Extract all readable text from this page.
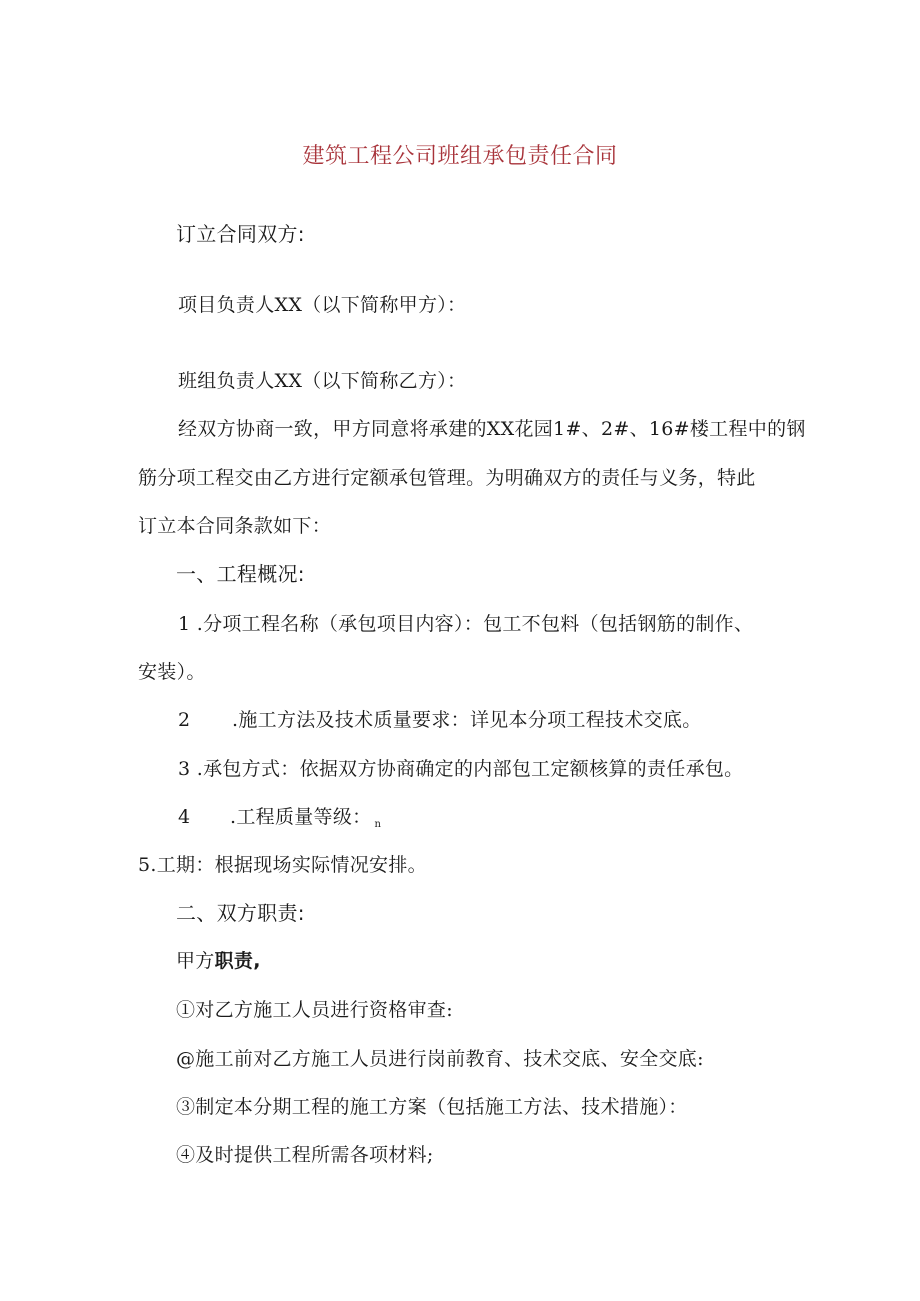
建筑工程公司班组承包责任合同
订立合同双方:
项目负责人XX（以下简称甲方）：
班组负责人XX（以下简称乙方）：
经双方协商一致，甲方同意将承建的XX花园1#、2#、16#楼工程中的钢
筋分项工程交由乙方进行定额承包管理。为明确双方的责任与义务，特此
订立本合同条款如下：
一、工程概况:
1 .分项工程名称（承包项目内容）：包工不包料（包括钢筋的制作、
安装）。
2 .施工方法及技术质量要求：详见本分项工程技术交底。
3 .承包方式：依据双方协商确定的内部包工定额核算的责任承包。
4 .工程质量等级： $_n$
5.工期：根据现场实际情况安排。
二、双方职责:
甲方职责,
①对乙方施工人员进行资格审查:
@施工前对乙方施工人员进行岗前教育、技术交底、安全交底:
③制定本分期工程的施工方案（包括施工方法、技术措施）：
④及时提供工程所需各项材料;
